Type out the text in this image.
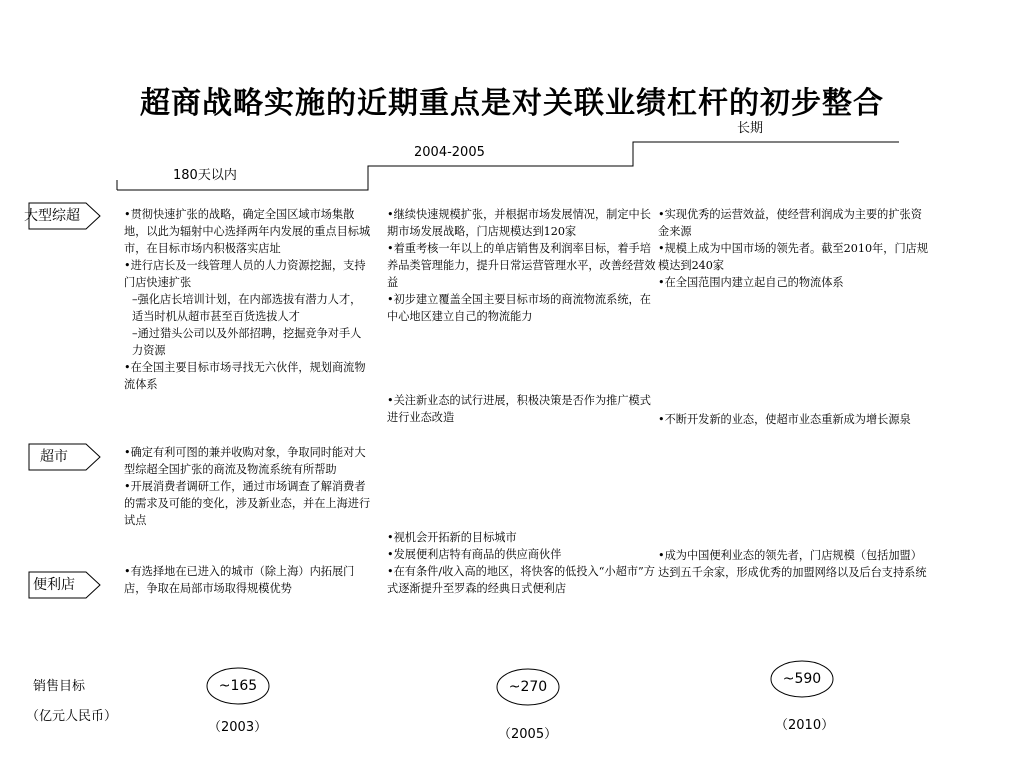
超商战略实施的近期重点是对关联业绩杠杆的初步整合
180天以内
2004-2005
长期
大型综超
超市
便利店

•贯彻快速扩张的战略，确定全国区域市场集散地，以此为辐射中心选择两年内发展的重点目标城市，在目标市场内积极落实店址

•进行店长及一线管理人员的人力资源挖掘，支持门店快速扩张

–强化店长培训计划，在内部选拔有潜力人才，适当时机从超市甚至百货选拔人才

–通过猎头公司以及外部招聘，挖掘竞争对手人力资源

•在全国主要目标市场寻找无六伙伴，规划商流物流体系

•继续快速规模扩张，并根据市场发展情况，制定中长期市场发展战略，门店规模达到120家

•着重考核一年以上的单店销售及利润率目标，着手培养品类管理能力，提升日常运营管理水平，改善经营效益

•初步建立覆盖全国主要目标市场的商流物流系统，在中心地区建立自己的物流能力

•实现优秀的运营效益，使经营利润成为主要的扩张资金来源

•规模上成为中国市场的领先者。截至2010年，门店规模达到240家

•在全国范围内建立起自己的物流体系

•确定有利可图的兼并收购对象，争取同时能对大型综超全国扩张的商流及物流系统有所帮助

•开展消费者调研工作，通过市场调查了解消费者的需求及可能的变化，涉及新业态，并在上海进行试点

•关注新业态的试行进展，积极决策是否作为推广模式进行业态改造	•不断开发新的业态，使超市业态重新成为增长源泉

•有选择地在已进入的城市（除上海）内拓展门店，争取在局部市场取得规模优势

•视机会开拓新的目标城市

•发展便利店特有商品的供应商伙伴

•在有条件/收入高的地区，将快客的低投入“小超市”方式逐渐提升至罗森的经典日式便利店

•成为中国便利业态的领先者，门店规模（包括加盟）达到五千余家，形成优秀的加盟网络以及后台支持系统

销售目标
（亿元人民币）
~165
（2003）
~270
（2005）
~590
（2010）
